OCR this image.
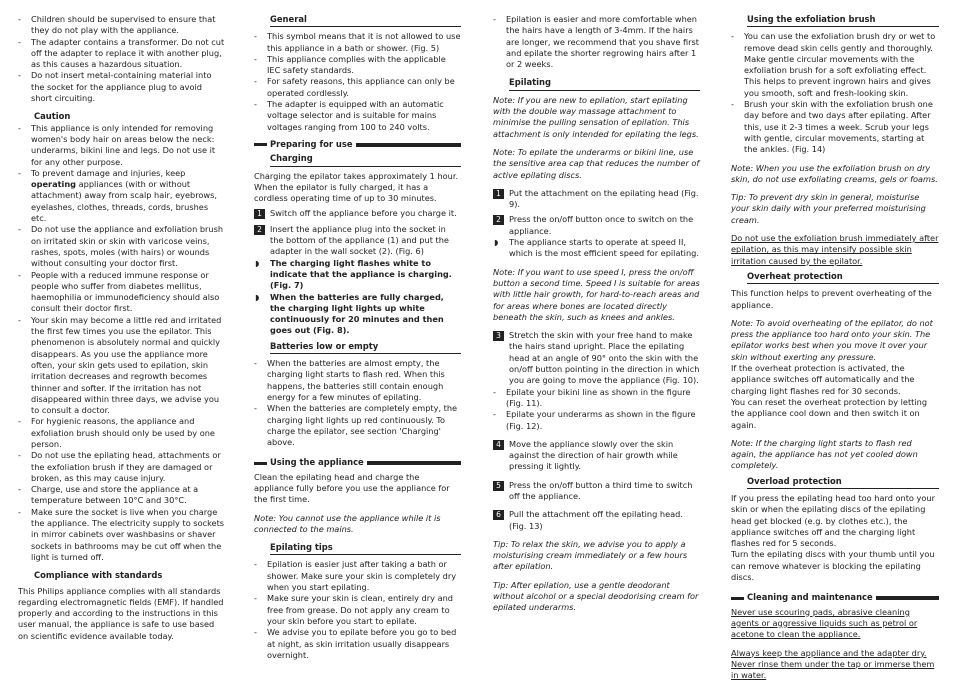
- Children should be supervised to ensure that they do not play with the appliance.

- The adapter contains a transformer. Do not cut off the adapter to replace it with another plug, as this causes a hazardous situation.

- Do not insert metal-containing material into the socket for the appliance plug to avoid short circuiting.

Caution

- This appliance is only intended for removing women's body hair on areas below the neck: underarms, bikini line and legs. Do not use it for any other purpose.

- To prevent damage and injuries, keep
operating appliances (with or without attachment) away from scalp hair, eyebrows, eyelashes, clothes, threads, cords, brushes etc.

- Do not use the appliance and exfoliation brush on irritated skin or skin with varicose veins, rashes, spots, moles (with hairs) or wounds without consulting your doctor first.

- People with a reduced immune response or people who suffer from diabetes mellitus, haemophilia or immunodeficiency should also consult their doctor first.

- Your skin may become a little red and irritated the first few times you use the epilator. This phenomenon is absolutely normal and quickly disappears. As you use the appliance more often, your skin gets used to epilation, skin irritation decreases and regrowth becomes thinner and softer. If the irritation has not disappeared within three days, we advise you to consult a doctor.

- For hygienic reasons, the appliance and exfoliation brush should only be used by one person.

- Do not use the epilating head, attachments or the exfoliation brush if they are damaged or broken, as this may cause injury.

- Charge, use and store the appliance at a temperature between 10°C and 30°C.

- Make sure the socket is live when you charge the appliance. The electricity supply to sockets in mirror cabinets over washbasins or shaver sockets in bathrooms may be cut off when the light is turned off.

Compliance with standards

This Philips appliance complies with all standards regarding electromagnetic fields (EMF). If handled properly and according to the instructions in this user manual, the appliance is safe to use based on scientific evidence available today.

General

- This symbol means that it is not allowed to use this appliance in a bath or shower. (Fig. 5)

- This appliance complies with the applicable IEC safety standards.

- For safety reasons, this appliance can only be operated cordlessly.

- The adapter is equipped with an automatic voltage selector and is suitable for mains voltages ranging from 100 to 240 volts.

Preparing for use

Charging

Charging the epilator takes approximately 1 hour. When the epilator is fully charged, it has a cordless operating time of up to 30 minutes.

1 Switch off the appliance before you charge it.

2 Insert the appliance plug into the socket in the bottom of the appliance (1) and put the adapter in the wall socket (2). (Fig. 6)

◗ The charging light flashes white to indicate that the appliance is charging. (Fig. 7)

◗ When the batteries are fully charged, the charging light lights up white continuously for 20 minutes and then goes out (Fig. 8).

Batteries low or empty

- When the batteries are almost empty, the charging light starts to flash red. When this happens, the batteries still contain enough energy for a few minutes of epilating.

- When the batteries are completely empty, the charging light lights up red continuously. To charge the epilator, see section 'Charging' above.

Using the appliance

Clean the epilating head and charge the appliance fully before you use the appliance for the first time.

Note: You cannot use the appliance while it is connected to the mains.

Epilating tips

- Epilation is easier just after taking a bath or shower. Make sure your skin is completely dry when you start epilating.

- Make sure your skin is clean, entirely dry and free from grease. Do not apply any cream to your skin before you start to epilate.

- We advise you to epilate before you go to bed at night, as skin irritation usually disappears overnight.

- Epilation is easier and more comfortable when the hairs have a length of 3-4mm. If the hairs are longer, we recommend that you shave first and epilate the shorter regrowing hairs after 1 or 2 weeks.

Epilating

Note: If you are new to epilation, start epilating with the double way massage attachment to minimise the pulling sensation of epilation. This attachment is only intended for epilating the legs.

Note: To epilate the underarms or bikini line, use the sensitive area cap that reduces the number of active epilating discs.

1 Put the attachment on the epilating head (Fig. 9).

2 Press the on/off button once to switch on the appliance.

◗ The appliance starts to operate at speed II, which is the most efficient speed for epilating.

Note: If you want to use speed I, press the on/off button a second time. Speed I is suitable for areas with little hair growth, for hard-to-reach areas and for areas where bones are located directly beneath the skin, such as knees and ankles.

3 Stretch the skin with your free hand to make the hairs stand upright. Place the epilating head at an angle of 90° onto the skin with the on/off button pointing in the direction in which you are going to move the appliance (Fig. 10).

- Epilate your bikini line as shown in the figure (Fig. 11).

- Epilate your underarms as shown in the figure (Fig. 12).

4 Move the appliance slowly over the skin against the direction of hair growth while pressing it lightly.

5 Press the on/off button a third time to switch off the appliance.

6 Pull the attachment off the epilating head. (Fig. 13)

Tip: To relax the skin, we advise you to apply a moisturising cream immediately or a few hours after epilation.

Tip: After epilation, use a gentle deodorant without alcohol or a special deodorising cream for epilated underarms.

Using the exfoliation brush

- You can use the exfoliation brush dry or wet to remove dead skin cells gently and thoroughly. Make gentle circular movements with the exfoliation brush for a soft exfoliating effect. This helps to prevent ingrown hairs and gives you smooth, soft and fresh-looking skin.

- Brush your skin with the exfoliation brush one day before and two days after epilating. After this, use it 2-3 times a week. Scrub your legs with gentle, circular movements, starting at the ankles. (Fig. 14)

Note: When you use the exfoliation brush on dry skin, do not use exfoliating creams, gels or foams.

Tip: To prevent dry skin in general, moisturise your skin daily with your preferred moisturising cream.

Do not use the exfoliation brush immediately after epilation, as this may intensify possible skin irritation caused by the epilator.

Overheat protection

This function helps to prevent overheating of the appliance.

Note: To avoid overheating of the epilator, do not press the appliance too hard onto your skin. The epilator works best when you move it over your skin without exerting any pressure.

If the overheat protection is activated, the appliance switches off automatically and the charging light flashes red for 30 seconds.

You can reset the overheat protection by letting the appliance cool down and then switch it on again.

Note: If the charging light starts to flash red again, the appliance has not yet cooled down completely.

Overload protection

If you press the epilating head too hard onto your skin or when the epilating discs of the epilating head get blocked (e.g. by clothes etc.), the appliance switches off and the charging light flashes red for 5 seconds.

Turn the epilating discs with your thumb until you can remove whatever is blocking the epilating discs.

Cleaning and maintenance

Never use scouring pads, abrasive cleaning agents or aggressive liquids such as petrol or acetone to clean the appliance.

Always keep the appliance and the adapter dry. Never rinse them under the tap or immerse them in water.
